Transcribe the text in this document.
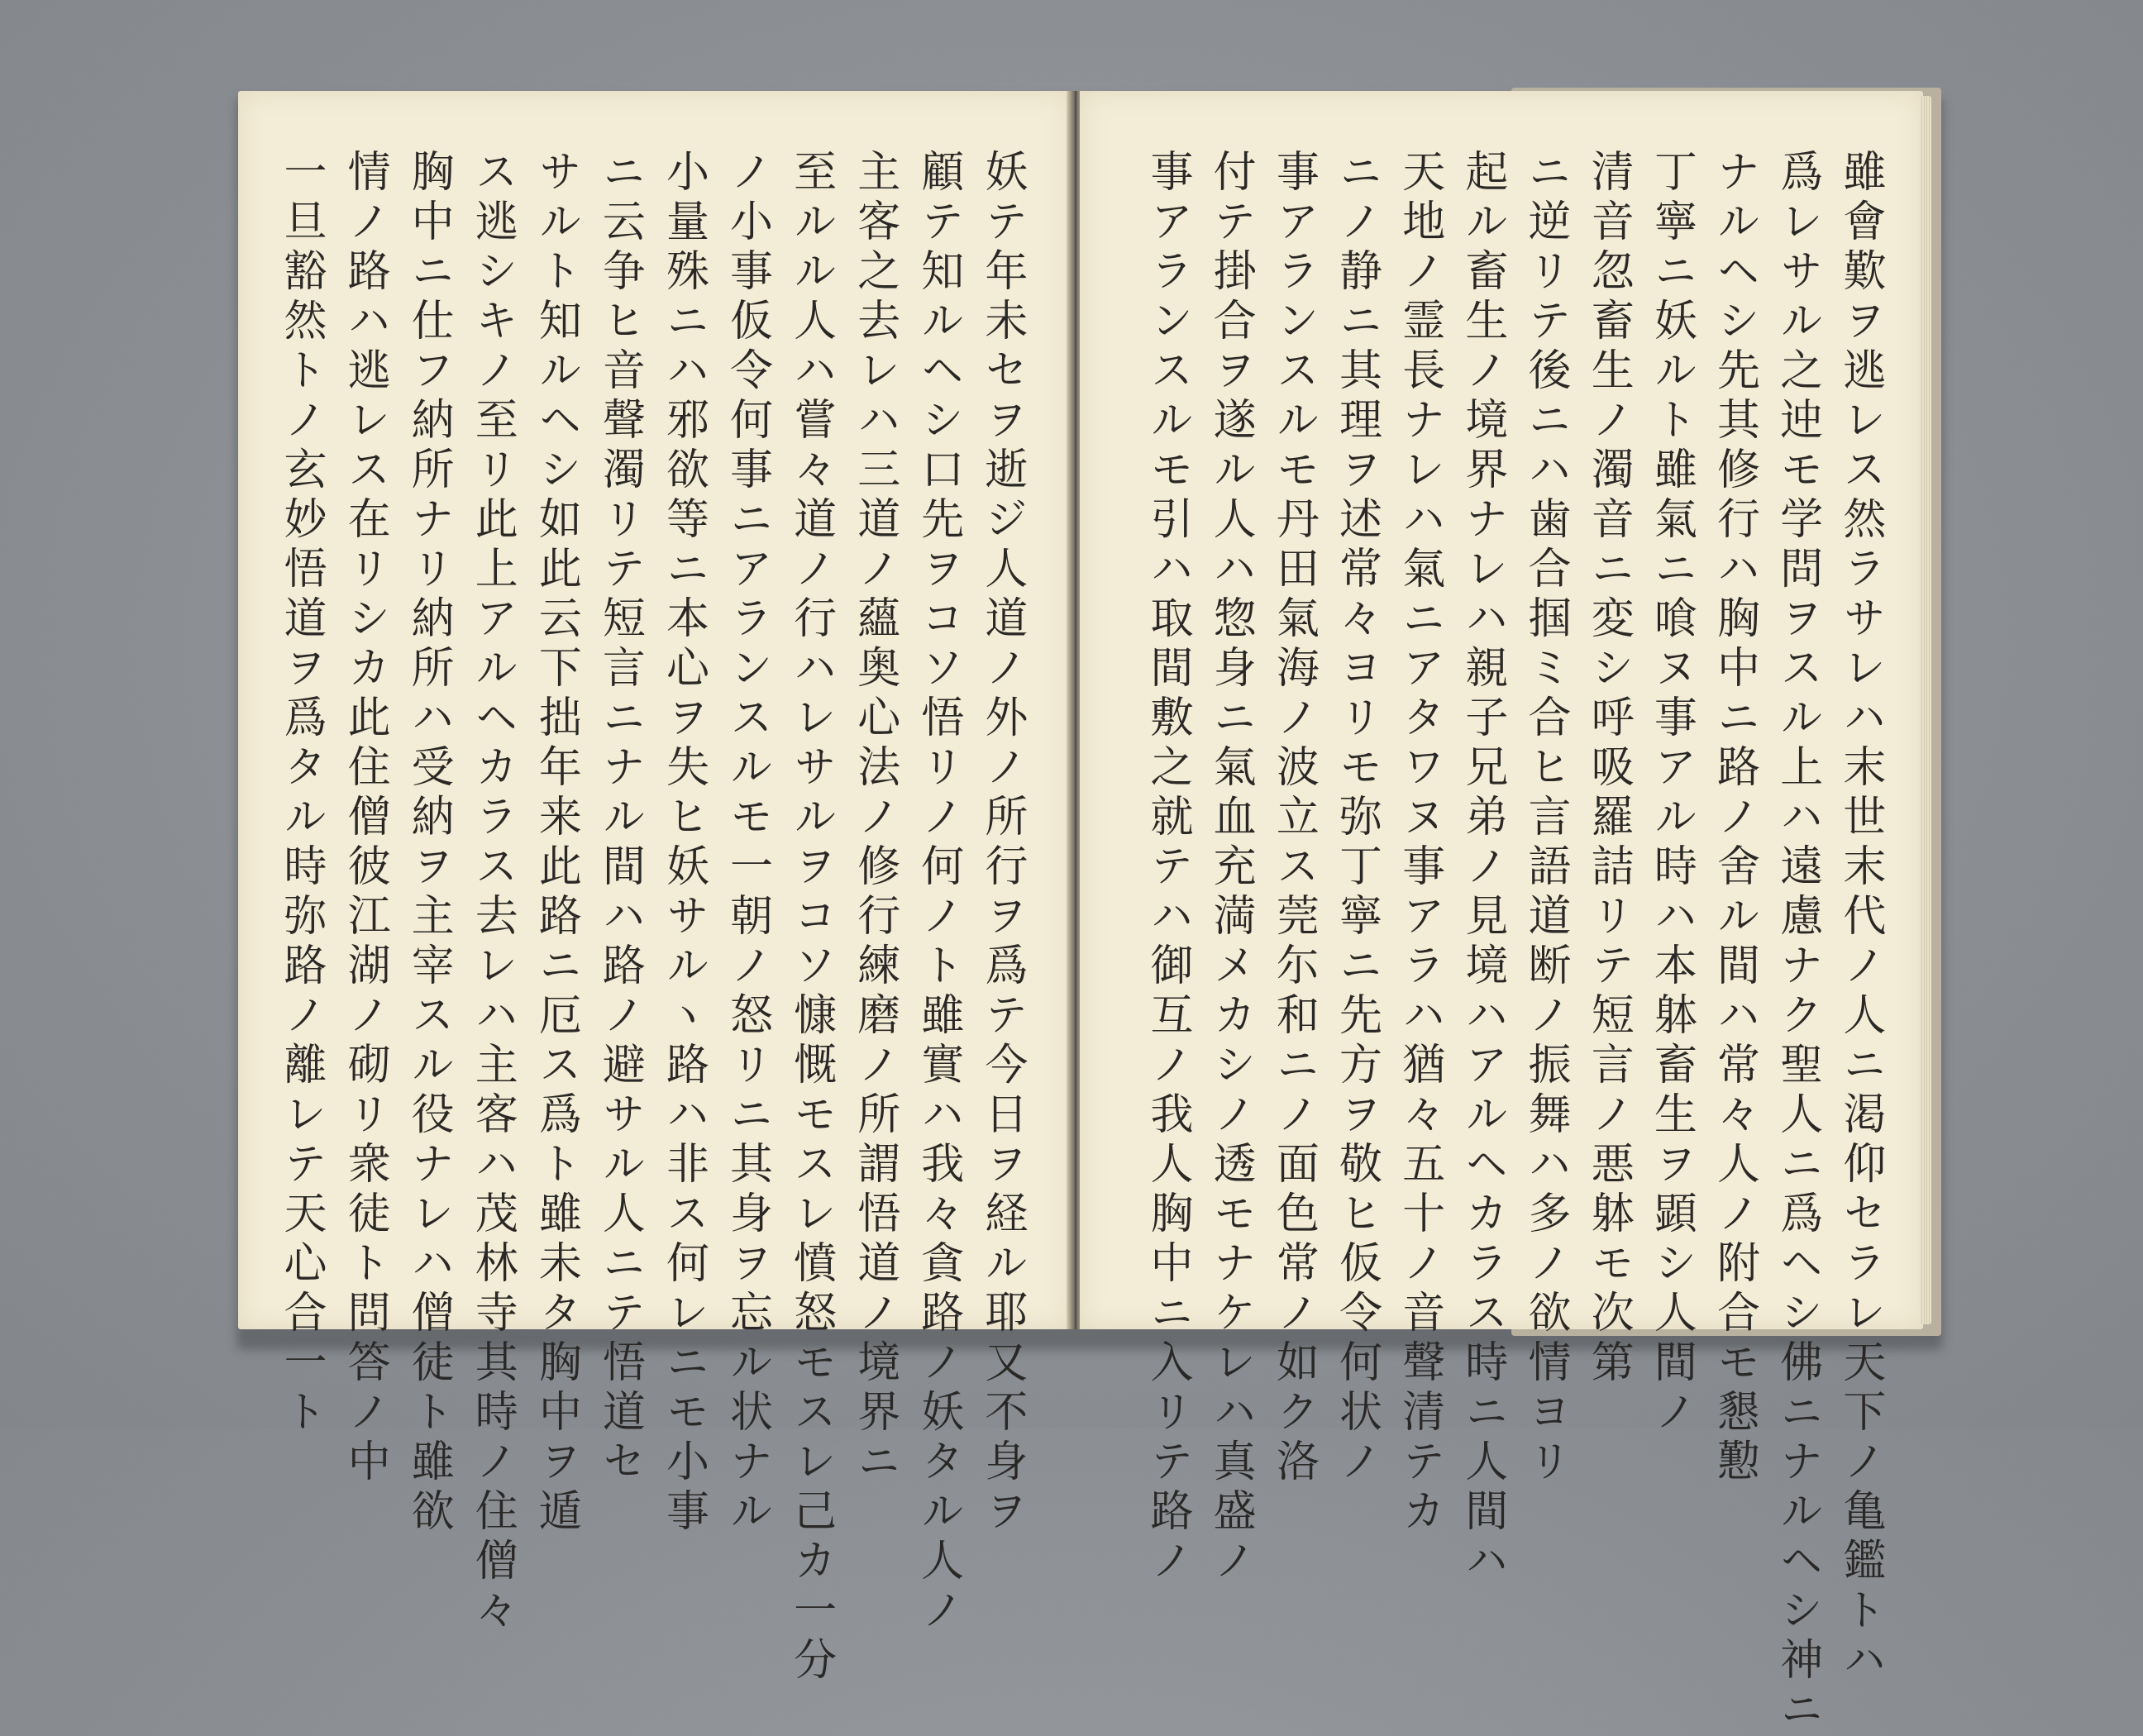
妖テ年未セヲ逝ジ人道ノ外ノ所行ヲ爲テ今日ヲ経ル耶又不身ヲ
顧テ知ルヘシ口先ヲコソ悟リノ何ノト雖實ハ我々貪路ノ妖タル人ノ
主客之去レハ三道ノ蘊奥心法ノ修行練磨ノ所謂悟道ノ境界ニ
至ルル人ハ嘗々道ノ行ハレサルヲコソ慷慨モスレ憤怒モスレ己カ一分
ノ小事仮令何事ニアランスルモ一朝ノ怒リニ其身ヲ忘ル状ナル
小量殊ニハ邪欲等ニ本心ヲ失ヒ妖サルヽ路ハ非ス何レニモ小事
ニ云争ヒ音聲濁リテ短言ニナル間ハ路ノ避サル人ニテ悟道セ
サルト知ルヘシ如此云下拙年来此路ニ厄ス爲ト雖未タ胸中ヲ遁
ス逃シキノ至リ此上アルヘカラス去レハ主客ハ茂林寺其時ノ住僧々
胸中ニ仕フ納所ナリ納所ハ受納ヲ主宰スル役ナレハ僧徒ト雖欲
情ノ路ハ逃レス在リシカ此住僧彼江湖ノ砌リ衆徒ト問答ノ中
一旦豁然トノ玄妙悟道ヲ爲タル時弥路ノ離レテ天心合一ト	雖會歎ヲ逃レス然ラサレハ末世末代ノ人ニ渇仰セラレ天下ノ亀鑑トハ
爲レサル之迚モ学問ヲスル上ハ遠慮ナク聖人ニ爲ヘシ佛ニナルヘシ神ニ
ナルヘシ先其修行ハ胸中ニ路ノ舍ル間ハ常々人ノ附合モ懇懃
丁寧ニ妖ルト雖氣ニ喰ヌ事アル時ハ本躰畜生ヲ顕シ人間ノ
清音忽畜生ノ濁音ニ変シ呼吸羅詰リテ短言ノ悪躰モ次第
ニ逆リテ後ニハ歯合掴ミ合ヒ言語道断ノ振舞ハ多ノ欲情ヨリ
起ル畜生ノ境界ナレハ親子兄弟ノ見境ハアルヘカラス時ニ人間ハ
天地ノ霊長ナレハ氣ニアタワヌ事アラハ猶々五十ノ音聲清テカ
ニノ静ニ其理ヲ述常々ヨリモ弥丁寧ニ先方ヲ敬ヒ仮令何状ノ
事アランスルモ丹田氣海ノ波立ス莞尓和ニノ面色常ノ如ク洛
付テ掛合ヲ遂ル人ハ惣身ニ氣血充満メカシノ透モナケレハ真盛ノ
事アランスルモ引ハ取間敷之就テハ御互ノ我人胸中ニ入リテ路ノ
